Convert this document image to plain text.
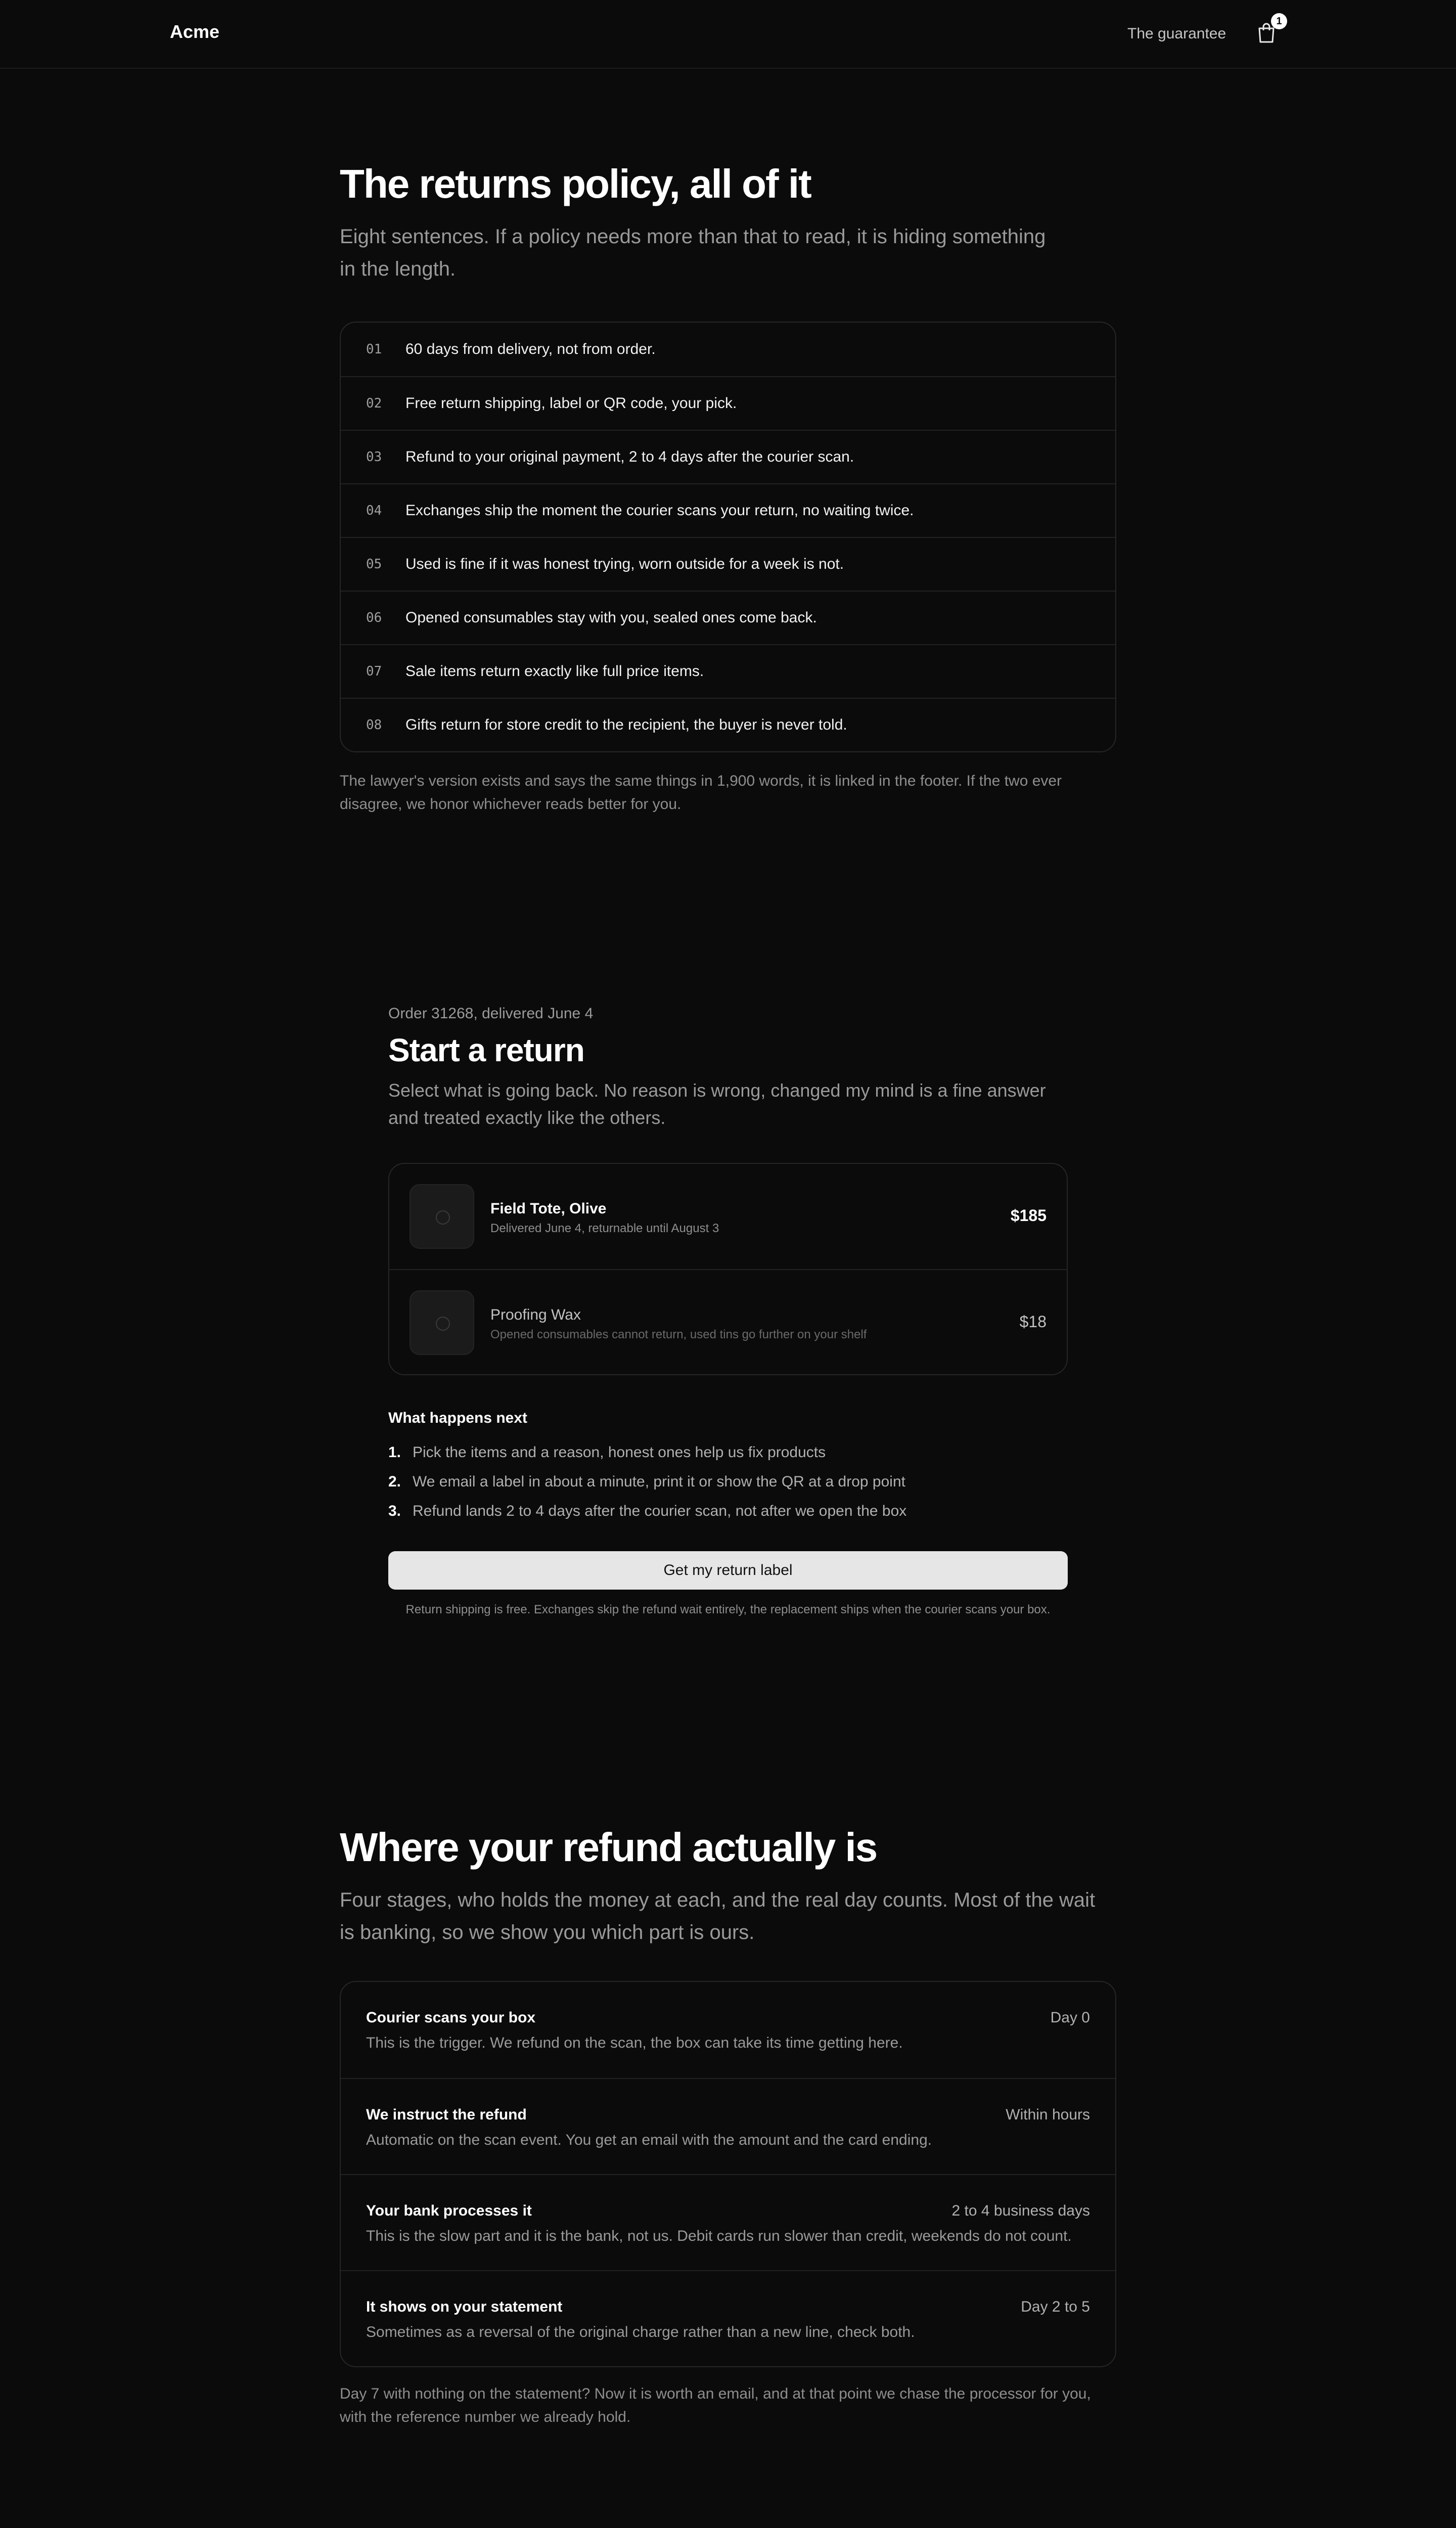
Acme	The guarantee
1
The returns policy, all of it

Eight sentences. If a policy needs more than that to read, it is hiding something in the length.

01	60 days from delivery, not from order.
02	Free return shipping, label or QR code, your pick.
03	Refund to your original payment, 2 to 4 days after the courier scan.
04	Exchanges ship the moment the courier scans your return, no waiting twice.
05	Used is fine if it was honest trying, worn outside for a week is not.
06	Opened consumables stay with you, sealed ones come back.
07	Sale items return exactly like full price items.
08	Gifts return for store credit to the recipient, the buyer is never told.

The lawyer's version exists and says the same things in 1,900 words, it is linked in the footer. If the two ever disagree, we honor whichever reads better for you.

Order 31268, delivered June 4
Start a return

Select what is going back. No reason is wrong, changed my mind is a fine answer and treated exactly like the others.

Field Tote, Olive
Delivered June 4, returnable until August 3
$185
Proofing Wax
Opened consumables cannot return, used tins go further on your shelf
$18
What happens next
1. Pick the items and a reason, honest ones help us fix products
2. We email a label in about a minute, print it or show the QR at a drop point
3. Refund lands 2 to 4 days after the courier scan, not after we open the box
Get my return label

Return shipping is free. Exchanges skip the refund wait entirely, the replacement ships when the courier scans your box.

Where your refund actually is

Four stages, who holds the money at each, and the real day counts. Most of the wait is banking, so we show you which part is ours.

Courier scans your box	Day 0
This is the trigger. We refund on the scan, the box can take its time getting here.
We instruct the refund	Within hours
Automatic on the scan event. You get an email with the amount and the card ending.
Your bank processes it	2 to 4 business days
This is the slow part and it is the bank, not us. Debit cards run slower than credit, weekends do not count.
It shows on your statement	Day 2 to 5
Sometimes as a reversal of the original charge rather than a new line, check both.

Day 7 with nothing on the statement? Now it is worth an email, and at that point we chase the processor for you, with the reference number we already hold.
